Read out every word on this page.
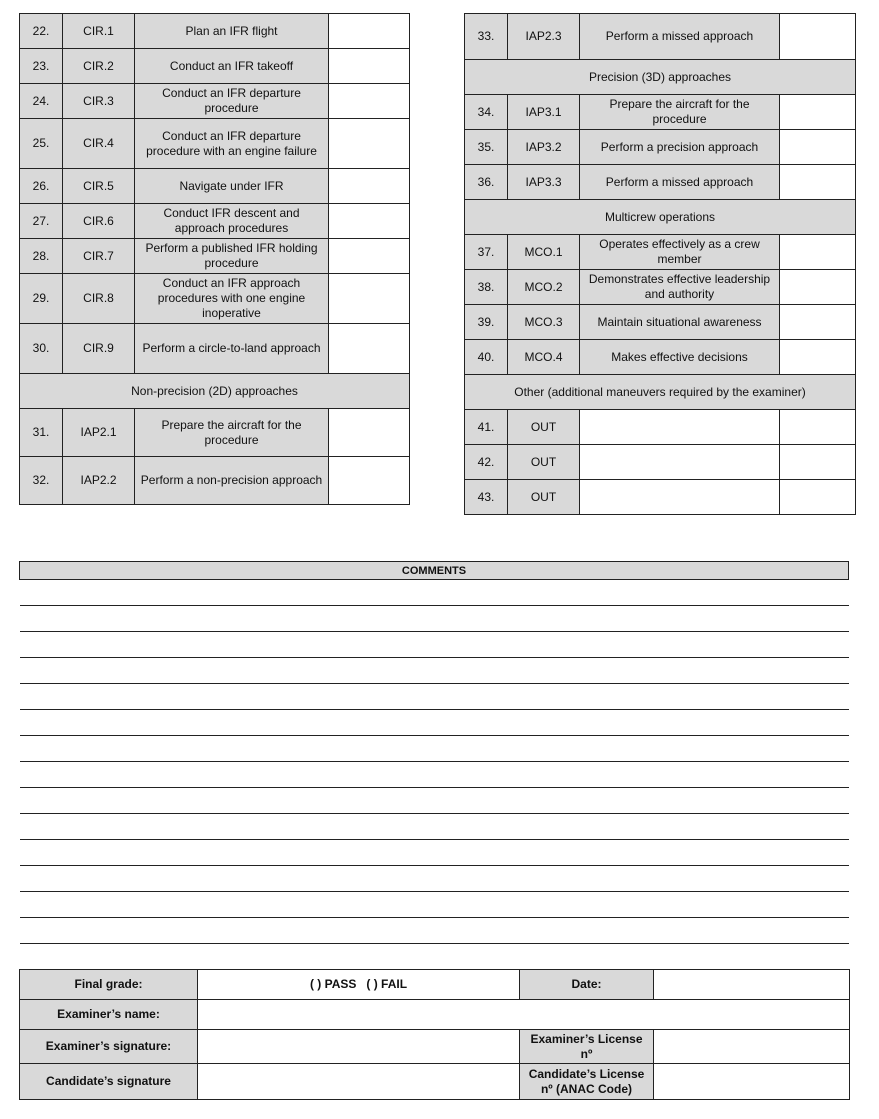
22.	CIR.1	Plan an IFR flight	
23.	CIR.2	Conduct an IFR takeoff	
24.	CIR.3	Conduct an IFR departure procedure	
25.	CIR.4	Conduct an IFR departure procedure with an engine failure	
26.	CIR.5	Navigate under IFR	
27.	CIR.6	Conduct IFR descent and approach procedures	
28.	CIR.7	Perform a published IFR holding procedure	
29.	CIR.8	Conduct an IFR approach procedures with one engine inoperative	
30.	CIR.9	Perform a circle-to-land approach	
Non-precision (2D) approaches			
31.	IAP2.1	Prepare the aircraft for the procedure	
32.	IAP2.2	Perform a non-precision approach	
33.	IAP2.3	Perform a missed approach	
Precision (3D) approaches			
34.	IAP3.1	Prepare the aircraft for the procedure	
35.	IAP3.2	Perform a precision approach	
36.	IAP3.3	Perform a missed approach	
Multicrew operations			
37.	MCO.1	Operates effectively as a crew member	
38.	MCO.2	Demonstrates effective leadership and authority	
39.	MCO.3	Maintain situational awareness	
40.	MCO.4	Makes effective decisions	
Other (additional maneuvers required by the examiner)			
41.	OUT		
42.	OUT		
43.	OUT		
COMMENTS

Final grade:	( ) PASS   ( ) FAIL	Date:	
Examiner’s name:			
Examiner’s signature:		Examiner’s License nº	
Candidate’s signature		Candidate’s License nº (ANAC Code)	
